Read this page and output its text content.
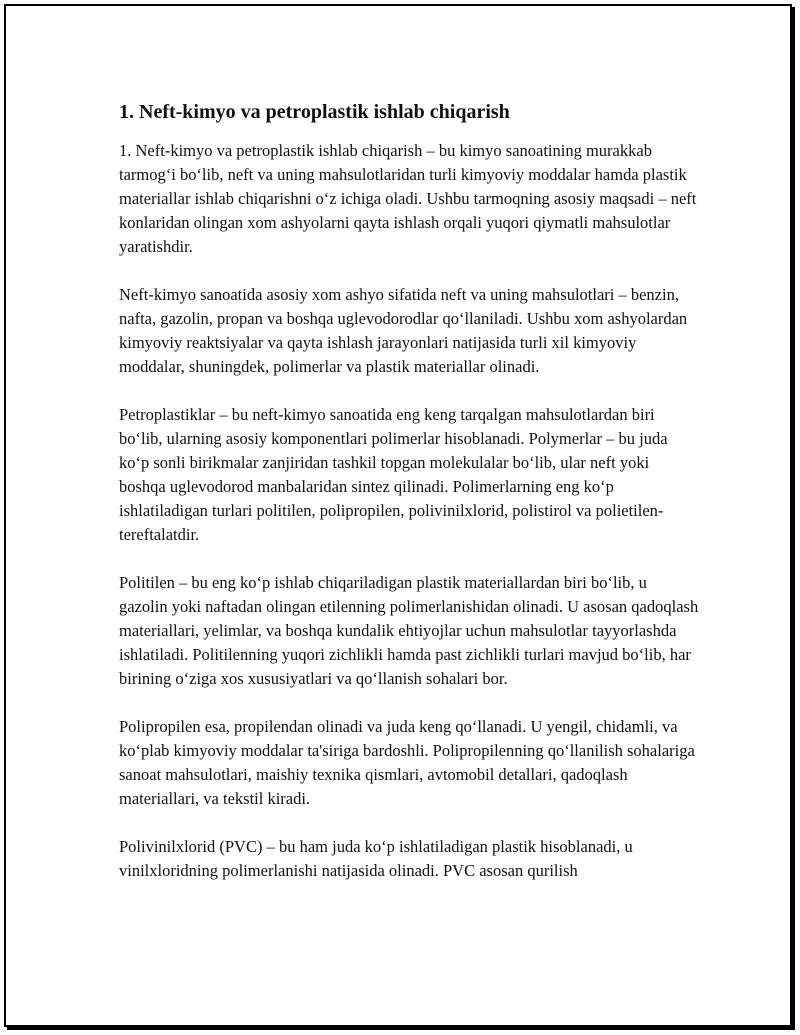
1. Neft-kimyo va petroplastik ishlab chiqarish

1. Neft-kimyo va petroplastik ishlab chiqarish – bu kimyo sanoatining murakkab tarmog‘i bo‘lib, neft va uning mahsulotlaridan turli kimyoviy moddalar hamda plastik materiallar ishlab chiqarishni o‘z ichiga oladi. Ushbu tarmoqning asosiy maqsadi – neft konlaridan olingan xom ashyolarni qayta ishlash orqali yuqori qiymatli mahsulotlar yaratishdir.

Neft-kimyo sanoatida asosiy xom ashyo sifatida neft va uning mahsulotlari – benzin, nafta, gazolin, propan va boshqa uglevodorodlar qo‘llaniladi. Ushbu xom ashyolardan kimyoviy reaktsiyalar va qayta ishlash jarayonlari natijasida turli xil kimyoviy moddalar, shuningdek, polimerlar va plastik materiallar olinadi.

Petroplastiklar – bu neft-kimyo sanoatida eng keng tarqalgan mahsulotlardan biri bo‘lib, ularning asosiy komponentlari polimerlar hisoblanadi. Polymerlar – bu juda ko‘p sonli birikmalar zanjiridan tashkil topgan molekulalar bo‘lib, ular neft yoki boshqa uglevodorod manbalaridan sintez qilinadi. Polimerlarning eng ko‘p ishlatiladigan turlari politilen, polipropilen, polivinilxlorid, polistirol va polietilen-tereftalatdir.

Politilen – bu eng ko‘p ishlab chiqariladigan plastik materiallardan biri bo‘lib, u gazolin yoki naftadan olingan etilenning polimerlanishidan olinadi. U asosan qadoqlash materiallari, yelimlar, va boshqa kundalik ehtiyojlar uchun mahsulotlar tayyorlashda ishlatiladi. Politilenning yuqori zichlikli hamda past zichlikli turlari mavjud bo‘lib, har birining o‘ziga xos xususiyatlari va qo‘llanish sohalari bor.

Polipropilen esa, propilendan olinadi va juda keng qo‘llanadi. U yengil, chidamli, va ko‘plab kimyoviy moddalar ta'siriga bardoshli. Polipropilenning qo‘llanilish sohalariga sanoat mahsulotlari, maishiy texnika qismlari, avtomobil detallari, qadoqlash materiallari, va tekstil kiradi.

Polivinilxlorid (PVC) – bu ham juda ko‘p ishlatiladigan plastik hisoblanadi, u vinilxloridning polimerlanishi natijasida olinadi. PVC asosan qurilish
